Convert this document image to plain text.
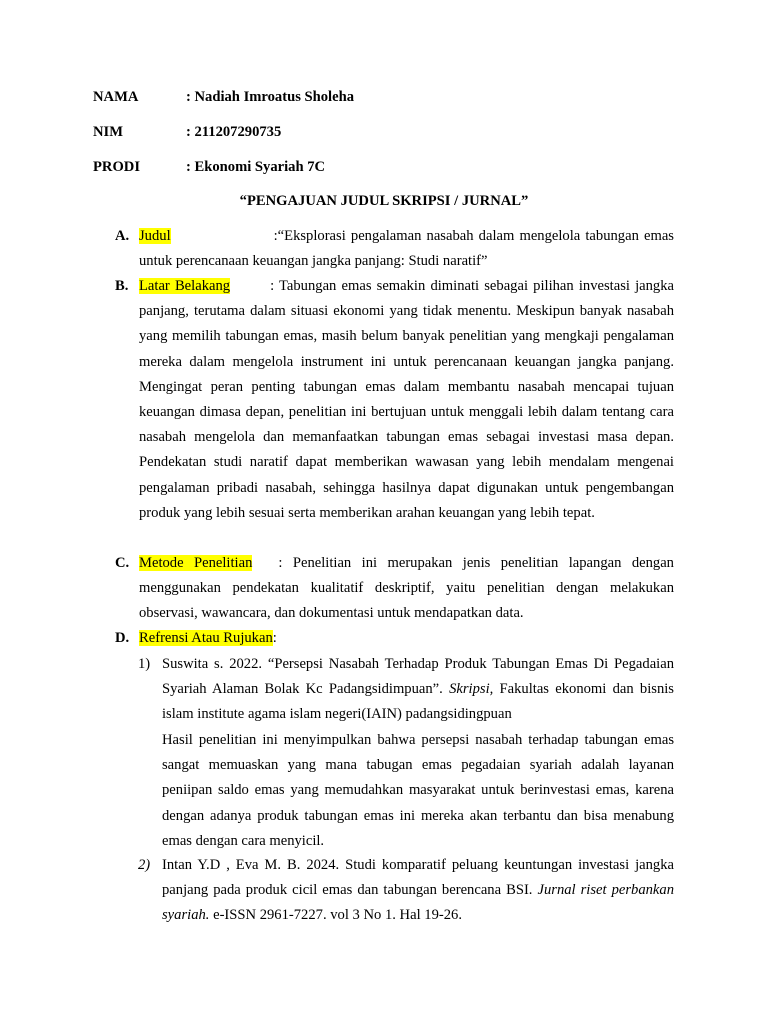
NAMA	: Nadiah Imroatus Sholeha
NIM	: 211207290735
PRODI	: Ekonomi Syariah 7C
“PENGAJUAN JUDUL SKRIPSI / JURNAL”
A. Judul	:“Eksplorasi pengalaman nasabah dalam mengelola tabungan emas untuk perencanaan keuangan jangka panjang: Studi naratif”
B. Latar Belakang	: Tabungan emas semakin diminati sebagai pilihan investasi jangka panjang, terutama dalam situasi ekonomi yang tidak menentu. Meskipun banyak nasabah yang memilih tabungan emas, masih belum banyak penelitian yang mengkaji pengalaman mereka dalam mengelola instrument ini untuk perencanaan keuangan jangka panjang. Mengingat peran penting tabungan emas dalam membantu nasabah mencapai tujuan keuangan dimasa depan, penelitian ini bertujuan untuk menggali lebih dalam tentang cara nasabah mengelola dan memanfaatkan tabungan emas sebagai investasi masa depan. Pendekatan studi naratif dapat memberikan wawasan yang lebih mendalam mengenai pengalaman pribadi nasabah, sehingga hasilnya dapat digunakan untuk pengembangan produk yang lebih sesuai serta memberikan arahan keuangan yang lebih tepat.
C. Metode Penelitian : Penelitian ini merupakan jenis penelitian lapangan dengan menggunakan pendekatan kualitatif deskriptif, yaitu penelitian dengan melakukan observasi, wawancara, dan dokumentasi untuk mendapatkan data.
D. Refrensi Atau Rujukan:
1) Suswita s. 2022. “Persepsi Nasabah Terhadap Produk Tabungan Emas Di Pegadaian Syariah Alaman Bolak Kc Padangsidimpuan”. Skripsi, Fakultas ekonomi dan bisnis islam institute agama islam negeri(IAIN) padangsidingpuan
Hasil penelitian ini menyimpulkan bahwa persepsi nasabah terhadap tabungan emas sangat memuaskan yang mana tabugan emas pegadaian syariah adalah layanan peniipan saldo emas yang memudahkan masyarakat untuk berinvestasi emas, karena dengan adanya produk tabungan emas ini mereka akan terbantu dan bisa menabung emas dengan cara menyicil.
2) Intan Y.D , Eva M. B. 2024. Studi komparatif peluang keuntungan investasi jangka panjang pada produk cicil emas dan tabungan berencana BSI. Jurnal riset perbankan syariah. e-ISSN 2961-7227. vol 3 No 1. Hal 19-26.
